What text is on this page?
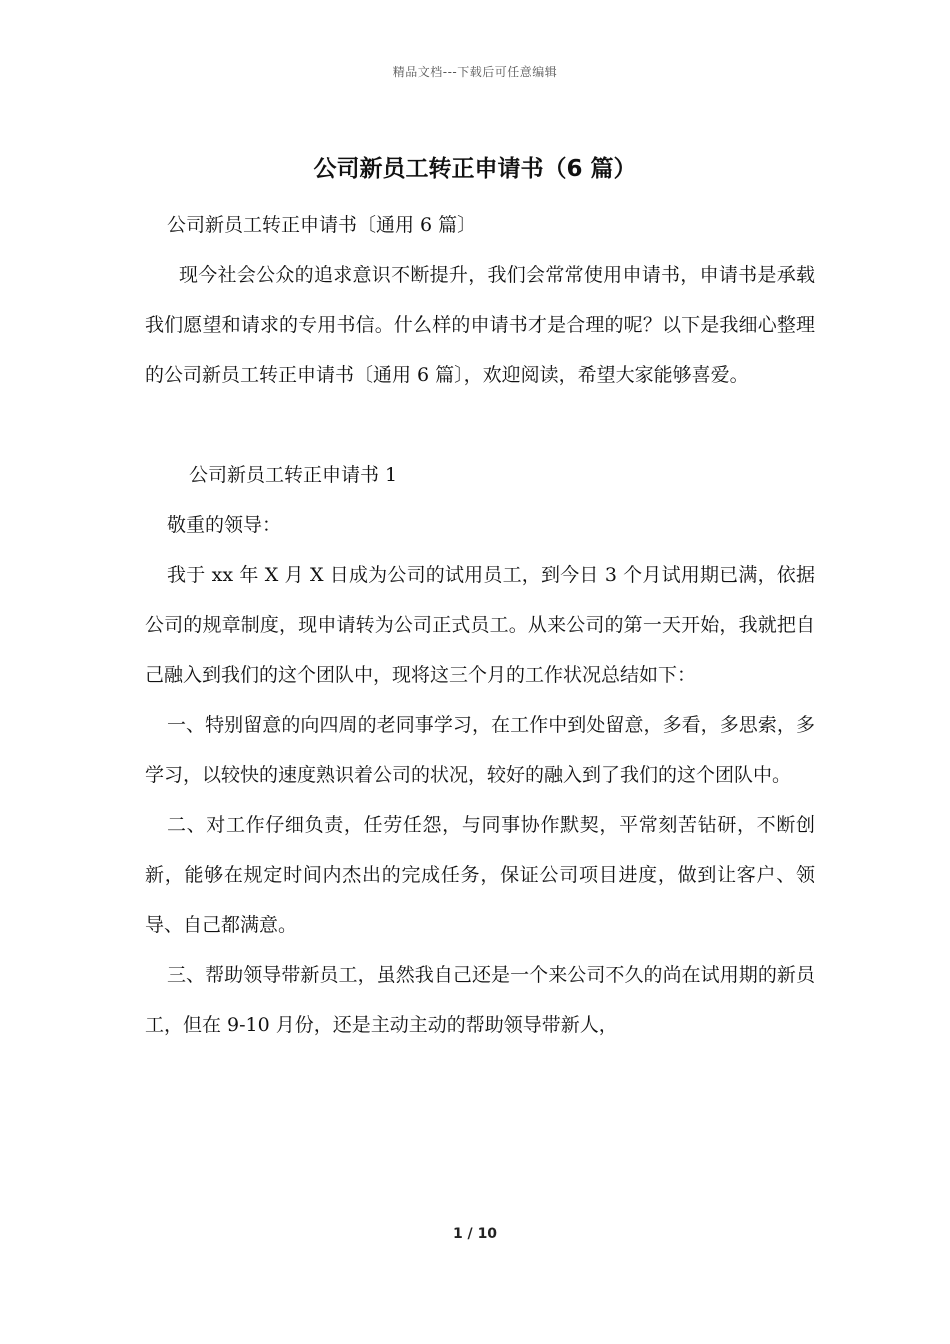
精品文档---下载后可任意编辑
公司新员工转正申请书（6 篇）

公司新员工转正申请书〔通用 6 篇〕

现今社会公众的追求意识不断提升，我们会常常使用申请书，申请书是承载我们愿望和请求的专用书信。什么样的申请书才是合理的呢？以下是我细心整理的公司新员工转正申请书〔通用 6 篇〕，欢迎阅读，希望大家能够喜爱。

公司新员工转正申请书 1

敬重的领导：

我于 xx 年 X 月 X 日成为公司的试用员工，到今日 3 个月试用期已满，依据公司的规章制度，现申请转为公司正式员工。从来公司的第一天开始，我就把自己融入到我们的这个团队中，现将这三个月的工作状况总结如下：

一、特别留意的向四周的老同事学习，在工作中到处留意，多看，多思索，多学习，以较快的速度熟识着公司的状况，较好的融入到了我们的这个团队中。

二、对工作仔细负责，任劳任怨，与同事协作默契，平常刻苦钻研，不断创新，能够在规定时间内杰出的完成任务，保证公司项目进度，做到让客户、领导、自己都满意。

三、帮助领导带新员工，虽然我自己还是一个来公司不久的尚在试用期的新员工，但在 9-10 月份，还是主动主动的帮助领导带新人，

1 / 10
